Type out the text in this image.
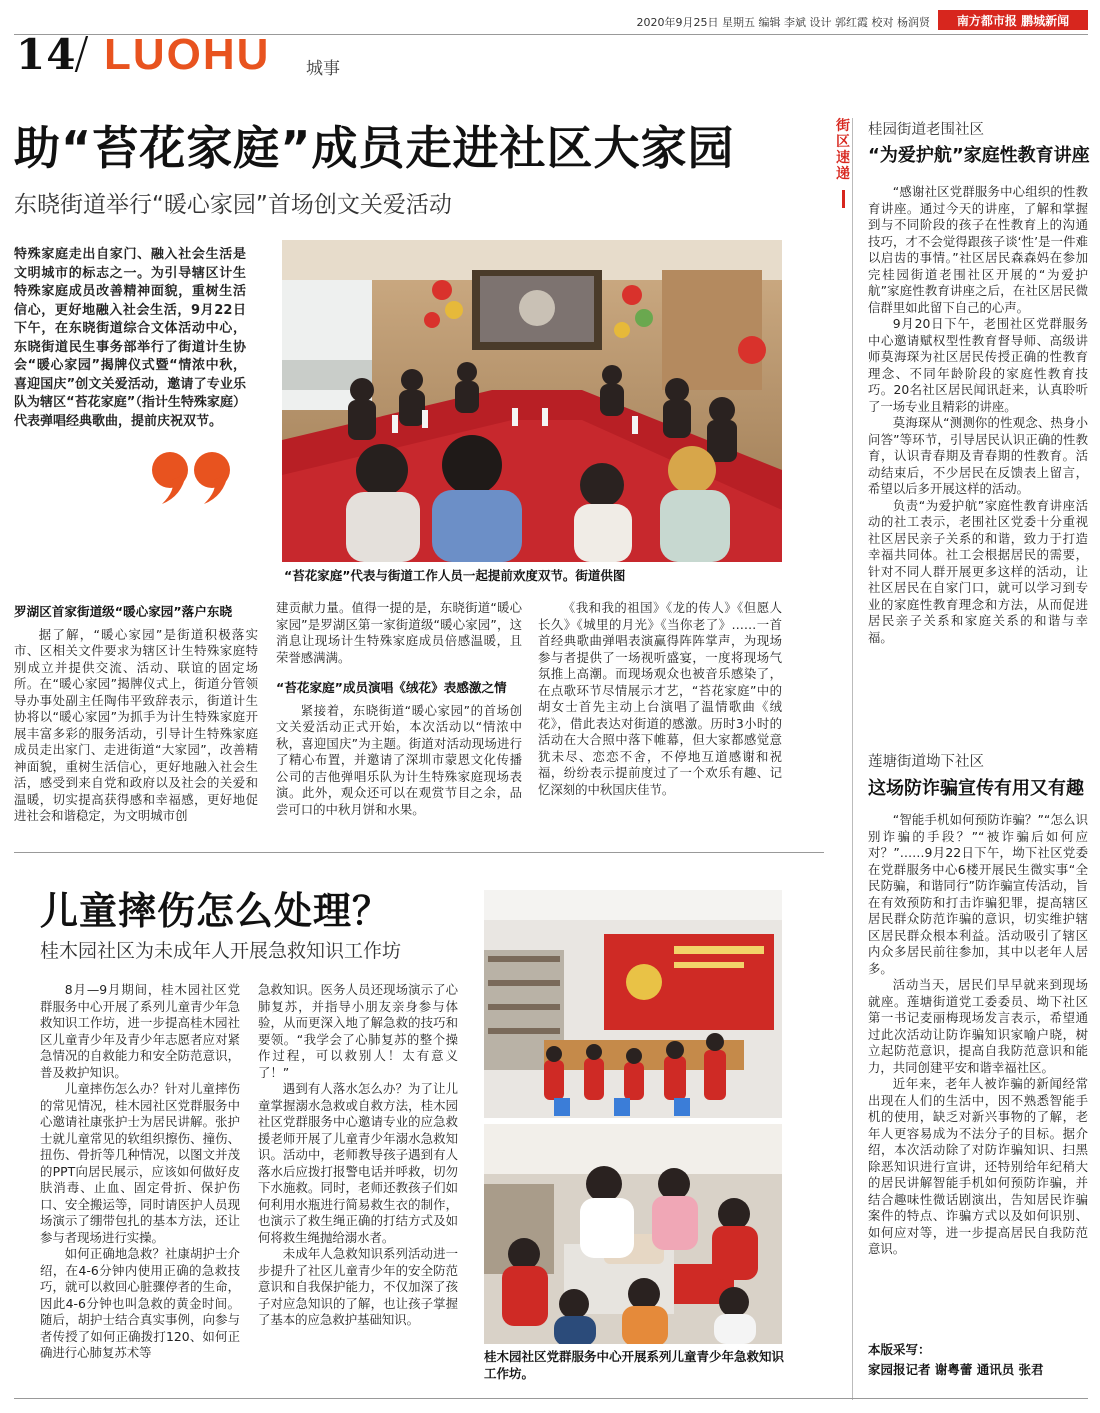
2020年9月25日 星期五 编辑 李斌 设计 郭红霞 校对 杨润贤	南方都市报 鹏城新闻
14
/ LUOHU 城事
助“苔花家庭”成员走进社区大家园
东晓街道举行“暖心家园”首场创文关爱活动
特殊家庭走出自家门、融入社会生活是文明城市的标志之一。为引导辖区计生特殊家庭成员改善精神面貌，重树生活信心，更好地融入社会生活，9月22日下午，在东晓街道综合文体活动中心，东晓街道民生事务部举行了街道计生协会“暖心家园”揭牌仪式暨“情浓中秋，喜迎国庆”创文关爱活动，邀请了专业乐队为辖区“苔花家庭”（指计生特殊家庭）代表弹唱经典歌曲，提前庆祝双节。
“苔花家庭”代表与街道工作人员一起提前欢度双节。街道供图

罗湖区首家街道级“暖心家园”落户东晓

据了解，“暖心家园”是街道积极落实市、区相关文件要求为辖区计生特殊家庭特别成立并提供交流、活动、联谊的固定场所。在“暖心家园”揭牌仪式上，街道分管领导办事处副主任陶伟平致辞表示，街道计生协将以“暖心家园”为抓手为计生特殊家庭开展丰富多彩的服务活动，引导计生特殊家庭成员走出家门、走进街道“大家园”，改善精神面貌，重树生活信心，更好地融入社会生活，感受到来自党和政府以及社会的关爱和温暖，切实提高获得感和幸福感，更好地促进社会和谐稳定，为文明城市创

建贡献力量。值得一提的是，东晓街道“暖心家园”是罗湖区第一家街道级“暖心家园”，这消息让现场计生特殊家庭成员倍感温暖，且荣誉感满满。

“苔花家庭”成员演唱《绒花》表感激之情

紧接着，东晓街道“暖心家园”的首场创文关爱活动正式开始，本次活动以“情浓中秋，喜迎国庆”为主题。街道对活动现场进行了精心布置，并邀请了深圳市蒙恩文化传播公司的吉他弹唱乐队为计生特殊家庭现场表演。此外，观众还可以在观赏节目之余，品尝可口的中秋月饼和水果。

《我和我的祖国》《龙的传人》《但愿人长久》《城里的月光》《当你老了》……一首首经典歌曲弹唱表演赢得阵阵掌声，为现场参与者提供了一场视听盛宴，一度将现场气氛推上高潮。而现场观众也被音乐感染了，在点歌环节尽情展示才艺，“苔花家庭”中的胡女士首先主动上台演唱了温情歌曲《绒花》，借此表达对街道的感激。历时3小时的活动在大合照中落下帷幕，但大家都感觉意犹未尽、恋恋不舍，不停地互道感谢和祝福，纷纷表示提前度过了一个欢乐有趣、记忆深刻的中秋国庆佳节。

街
区
速
递
桂园街道老围社区
“为爱护航”家庭性教育讲座

“感谢社区党群服务中心组织的性教育讲座。通过今天的讲座，了解和掌握到与不同阶段的孩子在性教育上的沟通技巧，才不会觉得跟孩子谈‘性’是一件难以启齿的事情。”社区居民森森妈在参加完桂园街道老围社区开展的“为爱护航”家庭性教育讲座之后，在社区居民微信群里如此留下自己的心声。

9月20日下午，老围社区党群服务中心邀请赋权型性教育督导师、高级讲师莫海琛为社区居民传授正确的性教育理念、不同年龄阶段的家庭性教育技巧。20名社区居民闻讯赶来，认真聆听了一场专业且精彩的讲座。

莫海琛从“测测你的性观念、热身小问答”等环节，引导居民认识正确的性教育，认识青春期及青春期的性教育。活动结束后，不少居民在反馈表上留言，希望以后多开展这样的活动。

负责“为爱护航”家庭性教育讲座活动的社工表示，老围社区党委十分重视社区居民亲子关系的和谐，致力于打造幸福共同体。社工会根据居民的需要，针对不同人群开展更多这样的活动，让社区居民在自家门口，就可以学习到专业的家庭性教育理念和方法，从而促进居民亲子关系和家庭关系的和谐与幸福。

莲塘街道坳下社区
这场防诈骗宣传有用又有趣

“智能手机如何预防诈骗？”“怎么识别诈骗的手段？”“被诈骗后如何应对？”……9月22日下午，坳下社区党委在党群服务中心6楼开展民生微实事“全民防骗，和谐同行”防诈骗宣传活动，旨在有效预防和打击诈骗犯罪，提高辖区居民群众防范诈骗的意识，切实维护辖区居民群众根本利益。活动吸引了辖区内众多居民前往参加，其中以老年人居多。

活动当天，居民们早早就来到现场就座。莲塘街道党工委委员、坳下社区第一书记麦丽梅现场发言表示，希望通过此次活动让防诈骗知识家喻户晓，树立起防范意识，提高自我防范意识和能力，共同创建平安和谐幸福社区。

近年来，老年人被诈骗的新闻经常出现在人们的生活中，因不熟悉智能手机的使用，缺乏对新兴事物的了解，老年人更容易成为不法分子的目标。据介绍，本次活动除了对防诈骗知识、扫黑除恶知识进行宣讲，还特别给年纪稍大的居民讲解智能手机如何预防诈骗，并结合趣味性微话剧演出，告知居民诈骗案件的特点、诈骗方式以及如何识别、如何应对等，进一步提高居民自我防范意识。

本版采写：
家园报记者 谢粤蕾 通讯员 张君
儿童摔伤怎么处理？
桂木园社区为未成年人开展急救知识工作坊

8月—9月期间，桂木园社区党群服务中心开展了系列儿童青少年急救知识工作坊，进一步提高桂木园社区儿童青少年及青少年志愿者应对紧急情况的自救能力和安全防范意识，普及救护知识。

儿童摔伤怎么办？针对儿童摔伤的常见情况，桂木园社区党群服务中心邀请社康张护士为居民讲解。张护士就儿童常见的软组织擦伤、撞伤、扭伤、骨折等几种情况，以图文并茂的PPT向居民展示，应该如何做好皮肤消毒、止血、固定骨折、保护伤口、安全搬运等，同时请医护人员现场演示了绷带包扎的基本方法，还让参与者现场进行实操。

如何正确地急救？社康胡护士介绍，在4-6分钟内使用正确的急救技巧，就可以救回心脏骤停者的生命，因此4-6分钟也叫急救的黄金时间。随后，胡护士结合真实事例，向参与者传授了如何正确拨打120、如何正确进行心肺复苏术等

急救知识。医务人员还现场演示了心肺复苏，并指导小朋友亲身参与体验，从而更深入地了解急救的技巧和要领。“我学会了心肺复苏的整个操作过程，可以救别人！太有意义了！”

遇到有人落水怎么办？为了让儿童掌握溺水急救或自救方法，桂木园社区党群服务中心邀请专业的应急救援老师开展了儿童青少年溺水急救知识。活动中，老师教导孩子遇到有人落水后应拨打报警电话并呼救，切勿下水施救。同时，老师还教孩子们如何利用水瓶进行简易救生衣的制作，也演示了救生绳正确的打结方式及如何将救生绳抛给溺水者。

未成年人急救知识系列活动进一步提升了社区儿童青少年的安全防范意识和自我保护能力，不仅加深了孩子对应急知识的了解，也让孩子掌握了基本的应急救护基础知识。

桂木园社区党群服务中心开展系列儿童青少年急救知识工作坊。
